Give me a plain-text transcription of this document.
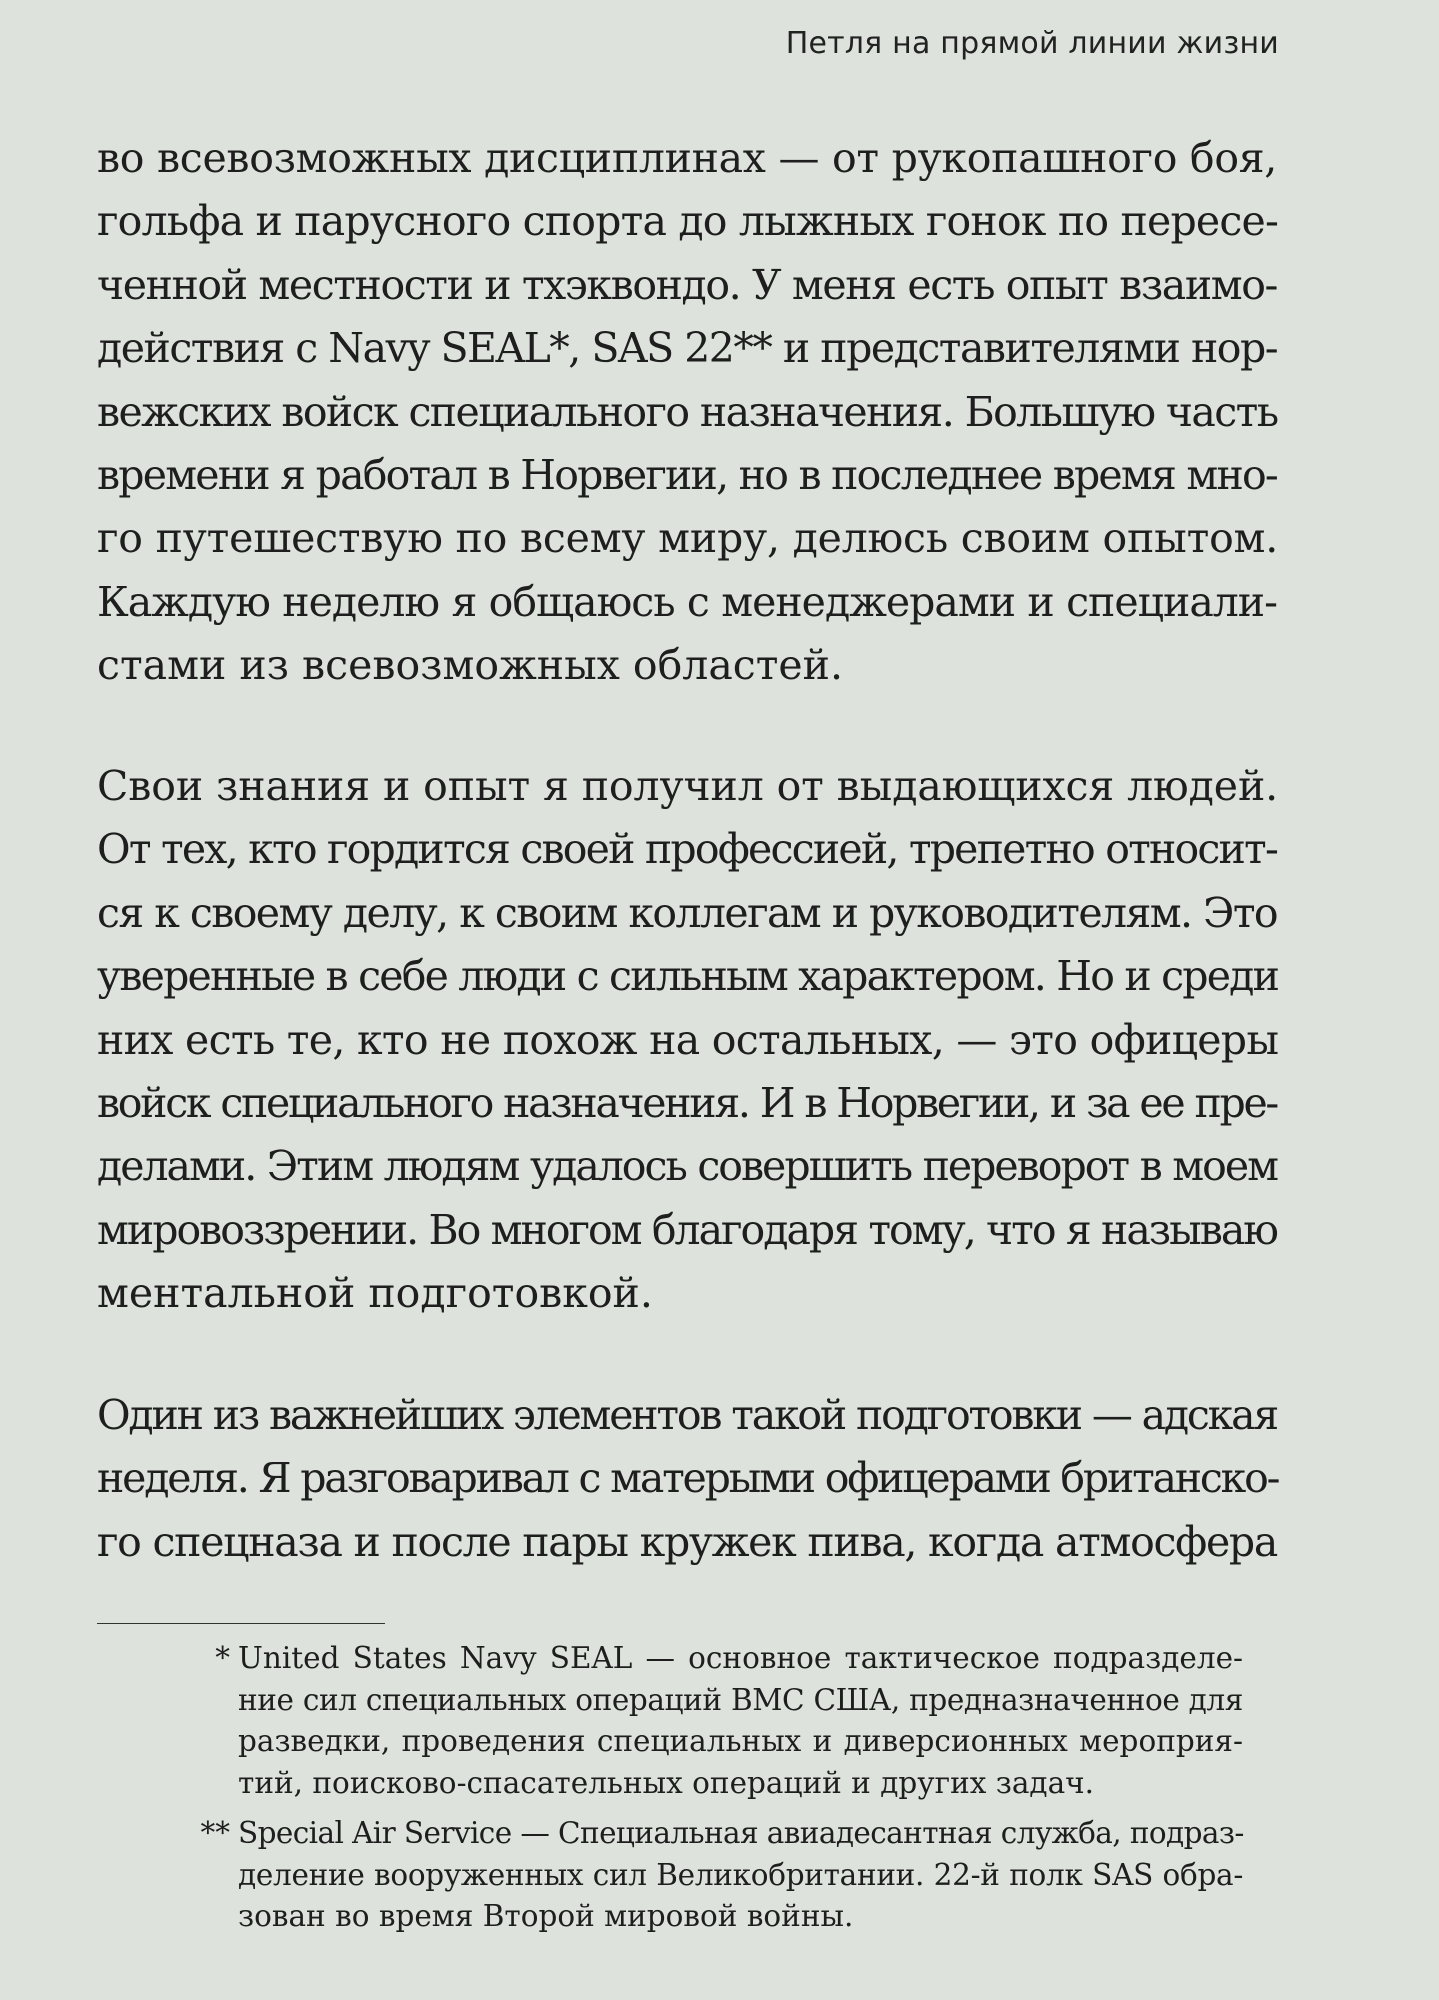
Петля на прямой линии жизни
во всевозможных дисциплинах — от рукопашного боя,
гольфа и парусного спорта до лыжных гонок по пересе-
ченной местности и тхэквондо. У меня есть опыт взаимо-
действия с Navy SEAL*, SAS 22** и представителями нор-
вежских войск специального назначения. Большую часть
времени я работал в Норвегии, но в последнее время мно-
го путешествую по всему миру, делюсь своим опытом.
Каждую неделю я общаюсь с менеджерами и специали-
стами из всевозможных областей.
Свои знания и опыт я получил от выдающихся людей.
От тех, кто гордится своей профессией, трепетно относит-
ся к своему делу, к своим коллегам и руководителям. Это
уверенные в себе люди с сильным характером. Но и среди
них есть те, кто не похож на остальных, — это офицеры
войск специального назначения. И в Норвегии, и за ее пре-
делами. Этим людям удалось совершить переворот в моем
мировоззрении. Во многом благодаря тому, что я называю
ментальной подготовкой.
Один из важнейших элементов такой подготовки — адская
неделя. Я разговаривал с матерыми офицерами британско-
го спецназа и после пары кружек пива, когда атмосфера
* United States Navy SEAL — основное тактическое подразделе-
ние сил специальных операций ВМС США, предназначенное для
разведки, проведения специальных и диверсионных мероприя-
тий, поисково-спасательных операций и других задач.
** Special Air Service — Специальная авиадесантная служба, подраз-
деление вооруженных сил Великобритании. 22-й полк SAS обра-
зован во время Второй мировой войны.
